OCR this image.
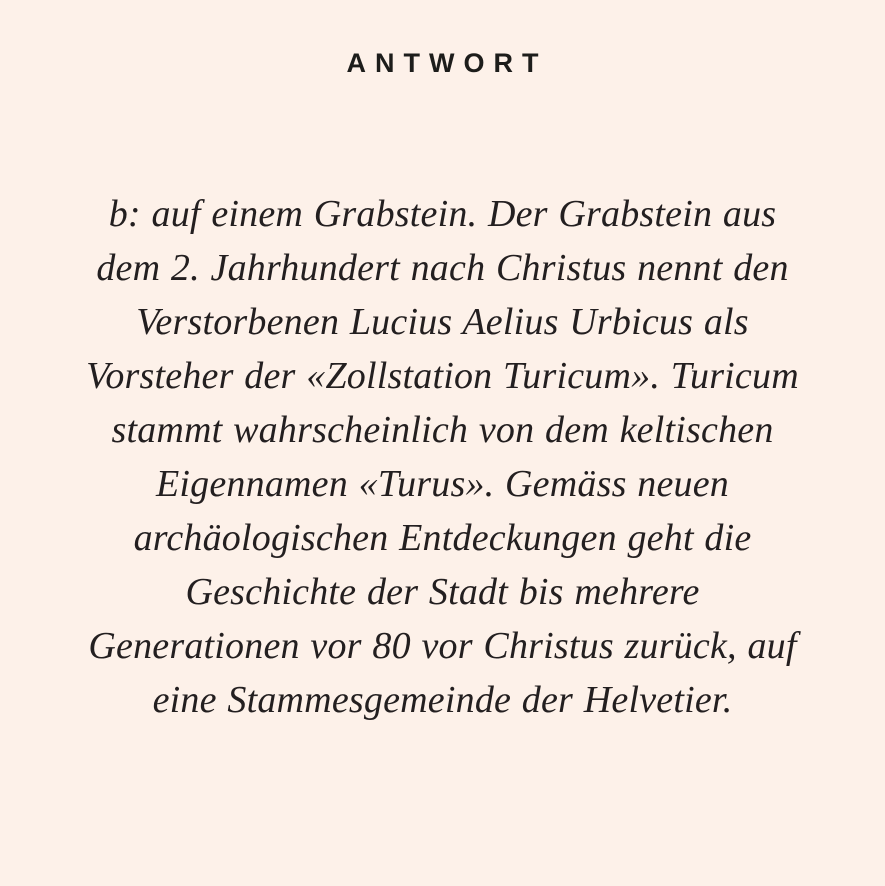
ANTWORT
b: auf einem Grabstein. Der Grabstein aus dem 2. Jahrhundert nach Christus nennt den Verstorbenen Lucius Aelius Urbicus als Vorsteher der «Zollstation Turicum». Turicum stammt wahrscheinlich von dem keltischen Eigennamen «Turus». Gemäss neuen archäologischen Entdeckungen geht die Geschichte der Stadt bis mehrere Generationen vor 80 vor Christus zurück, auf eine Stammesgemeinde der Helvetier.
